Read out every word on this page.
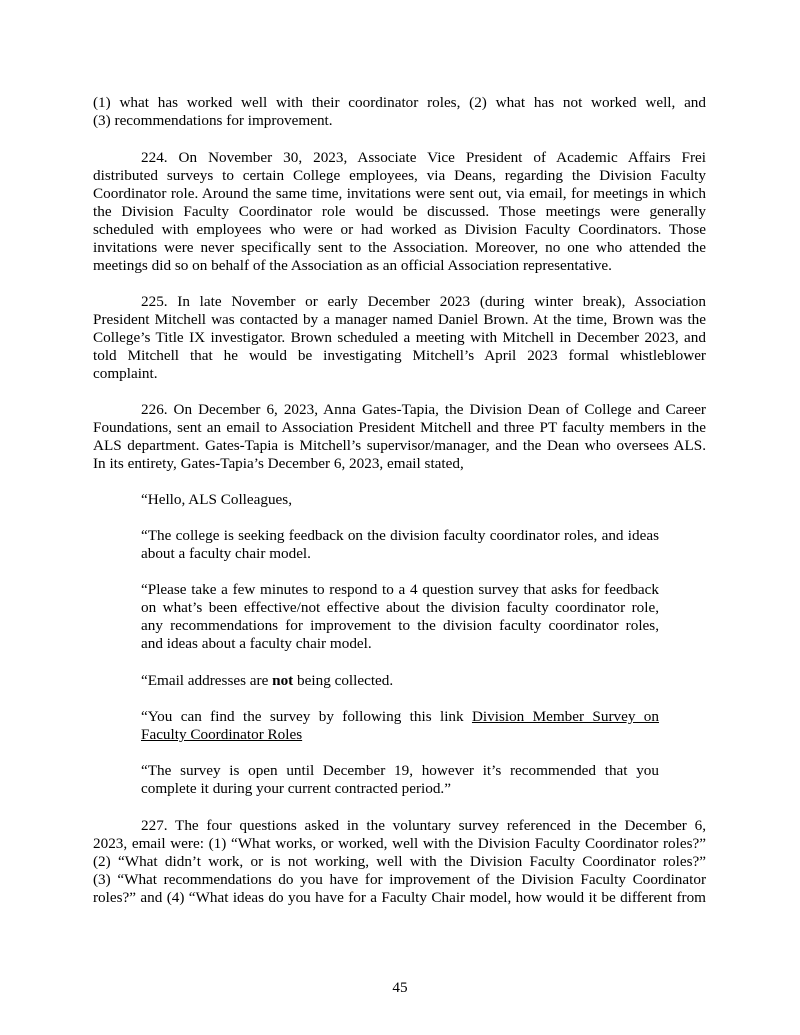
(1) what has worked well with their coordinator roles, (2) what has not worked well, and
(3) recommendations for improvement.
224. On November 30, 2023, Associate Vice President of Academic Affairs Frei
distributed surveys to certain College employees, via Deans, regarding the Division Faculty
Coordinator role. Around the same time, invitations were sent out, via email, for meetings in which
the Division Faculty Coordinator role would be discussed. Those meetings were generally
scheduled with employees who were or had worked as Division Faculty Coordinators. Those
invitations were never specifically sent to the Association. Moreover, no one who attended the
meetings did so on behalf of the Association as an official Association representative.
225. In late November or early December 2023 (during winter break), Association
President Mitchell was contacted by a manager named Daniel Brown. At the time, Brown was the
College’s Title IX investigator. Brown scheduled a meeting with Mitchell in December 2023, and
told Mitchell that he would be investigating Mitchell’s April 2023 formal whistleblower
complaint.
226. On December 6, 2023, Anna Gates-Tapia, the Division Dean of College and Career
Foundations, sent an email to Association President Mitchell and three PT faculty members in the
ALS department. Gates-Tapia is Mitchell’s supervisor/manager, and the Dean who oversees ALS.
In its entirety, Gates-Tapia’s December 6, 2023, email stated,
“Hello, ALS Colleagues,
“The college is seeking feedback on the division faculty coordinator roles, and ideas
about a faculty chair model.
“Please take a few minutes to respond to a 4 question survey that asks for feedback
on what’s been effective/not effective about the division faculty coordinator role,
any recommendations for improvement to the division faculty coordinator roles,
and ideas about a faculty chair model.
“Email addresses are not being collected.
“You can find the survey by following this link Division Member Survey on
Faculty Coordinator Roles
“The survey is open until December 19, however it’s recommended that you
complete it during your current contracted period.”
227. The four questions asked in the voluntary survey referenced in the December 6,
2023, email were: (1) “What works, or worked, well with the Division Faculty Coordinator roles?”
(2) “What didn’t work, or is not working, well with the Division Faculty Coordinator roles?”
(3) “What recommendations do you have for improvement of the Division Faculty Coordinator
roles?” and (4) “What ideas do you have for a Faculty Chair model, how would it be different from
45
